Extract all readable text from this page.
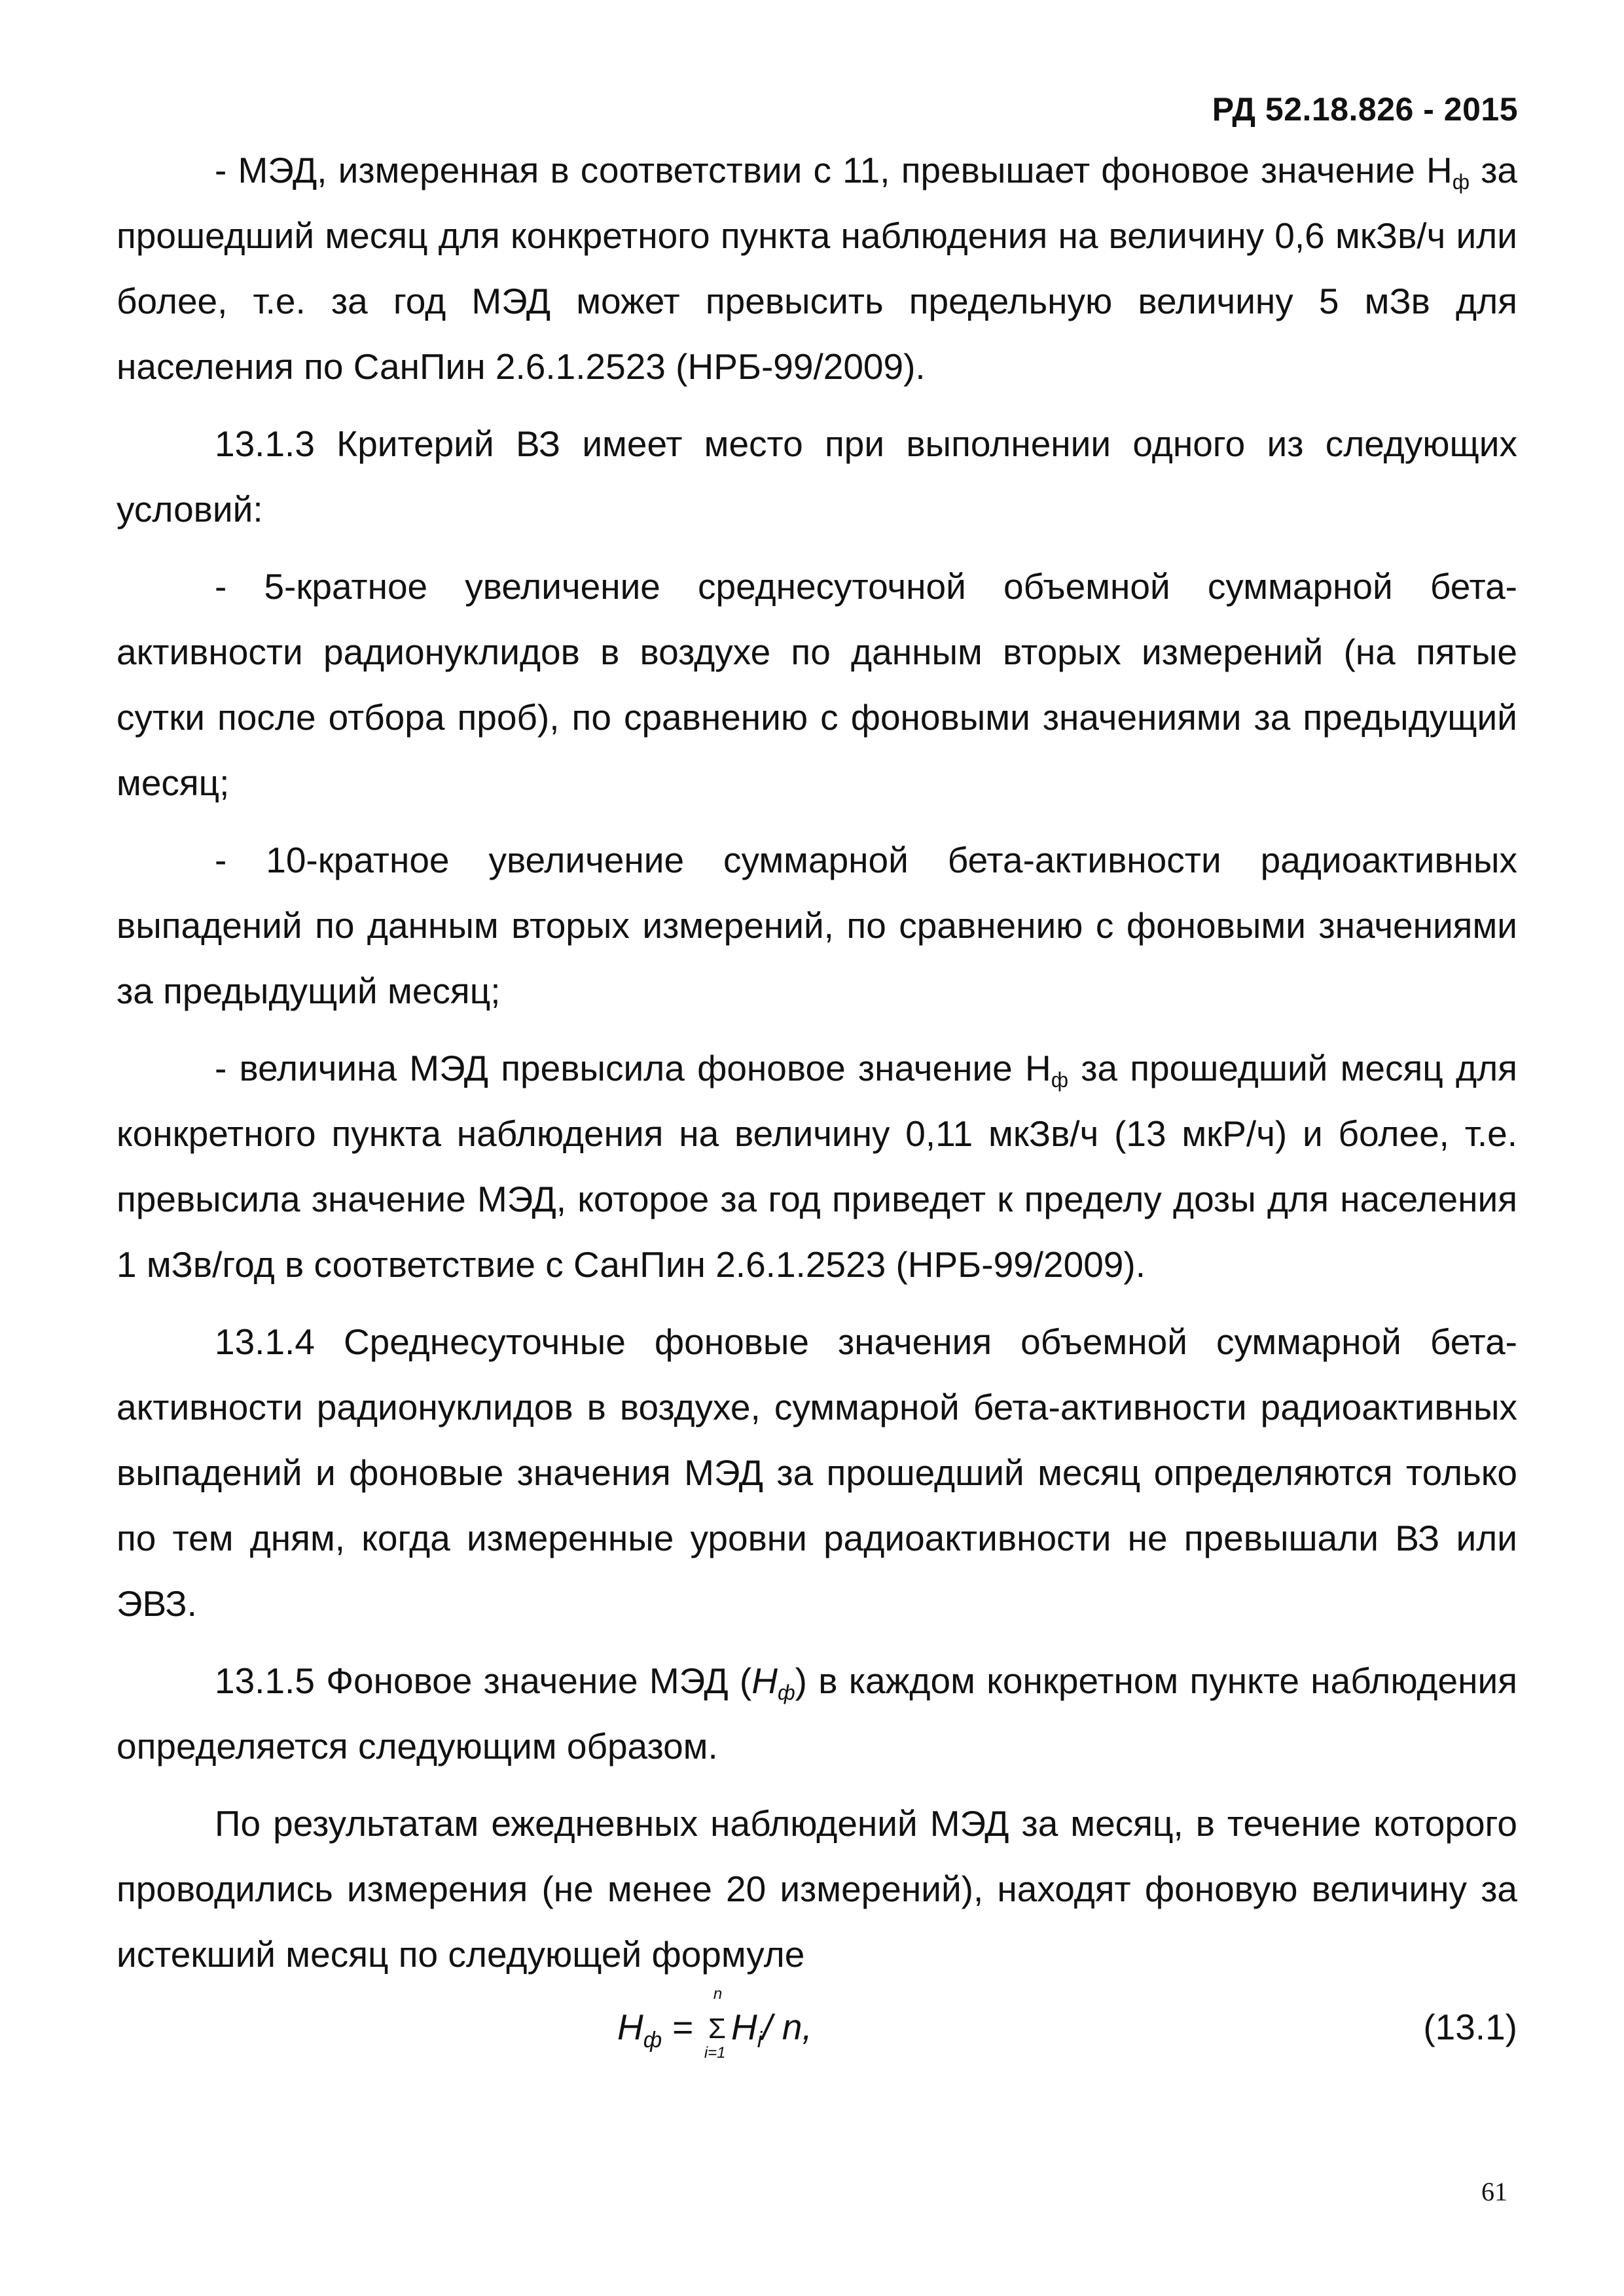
РД 52.18.826 - 2015

- МЭД, измеренная в соответствии с 11, превышает фоновое значение $Н_ф$ за прошедший месяц для конкретного пункта наблюдения на величину 0,6 мкЗв/ч или более, т.е. за год МЭД может превысить предельную величину 5 мЗв для населения по СанПин 2.6.1.2523 (НРБ-99/2009).

13.1.3 Критерий ВЗ имеет место при выполнении одного из следующих условий:

- 5-кратное увеличение среднесуточной объемной суммарной бета-активности радионуклидов в воздухе по данным вторых измерений (на пятые сутки после отбора проб), по сравнению с фоновыми значениями за предыдущий месяц;

- 10-кратное увеличение суммарной бета-активности радиоактивных выпадений по данным вторых измерений, по сравнению с фоновыми значениями за предыдущий месяц;

- величина МЭД превысила фоновое значение $Н_ф$ за прошедший месяц для конкретного пункта наблюдения на величину 0,11 мкЗв/ч (13 мкР/ч) и более, т.е. превысила значение МЭД, которое за год приведет к пределу дозы для населения 1 мЗв/год в соответствие с СанПин 2.6.1.2523 (НРБ-99/2009).

13.1.4 Среднесуточные фоновые значения объемной суммарной бета-активности радионуклидов в воздухе, суммарной бета-активности радиоактивных выпадений и фоновые значения МЭД за прошедший месяц определяются только по тем дням, когда измеренные уровни радиоактивности не превышали ВЗ или ЭВЗ.

13.1.5 Фоновое значение МЭД $(Н_ф)$ в каждом конкретном пункте наблюдения определяется следующим образом.

По результатам ежедневных наблюдений МЭД за месяц, в течение которого проводились измерения (не менее 20 измерений), находят фоновую величину за истекший месяц по следующей формуле

$Н_ф = \Sigma$
n
i=1
$Н_i/$ n,	(13.1)
61
